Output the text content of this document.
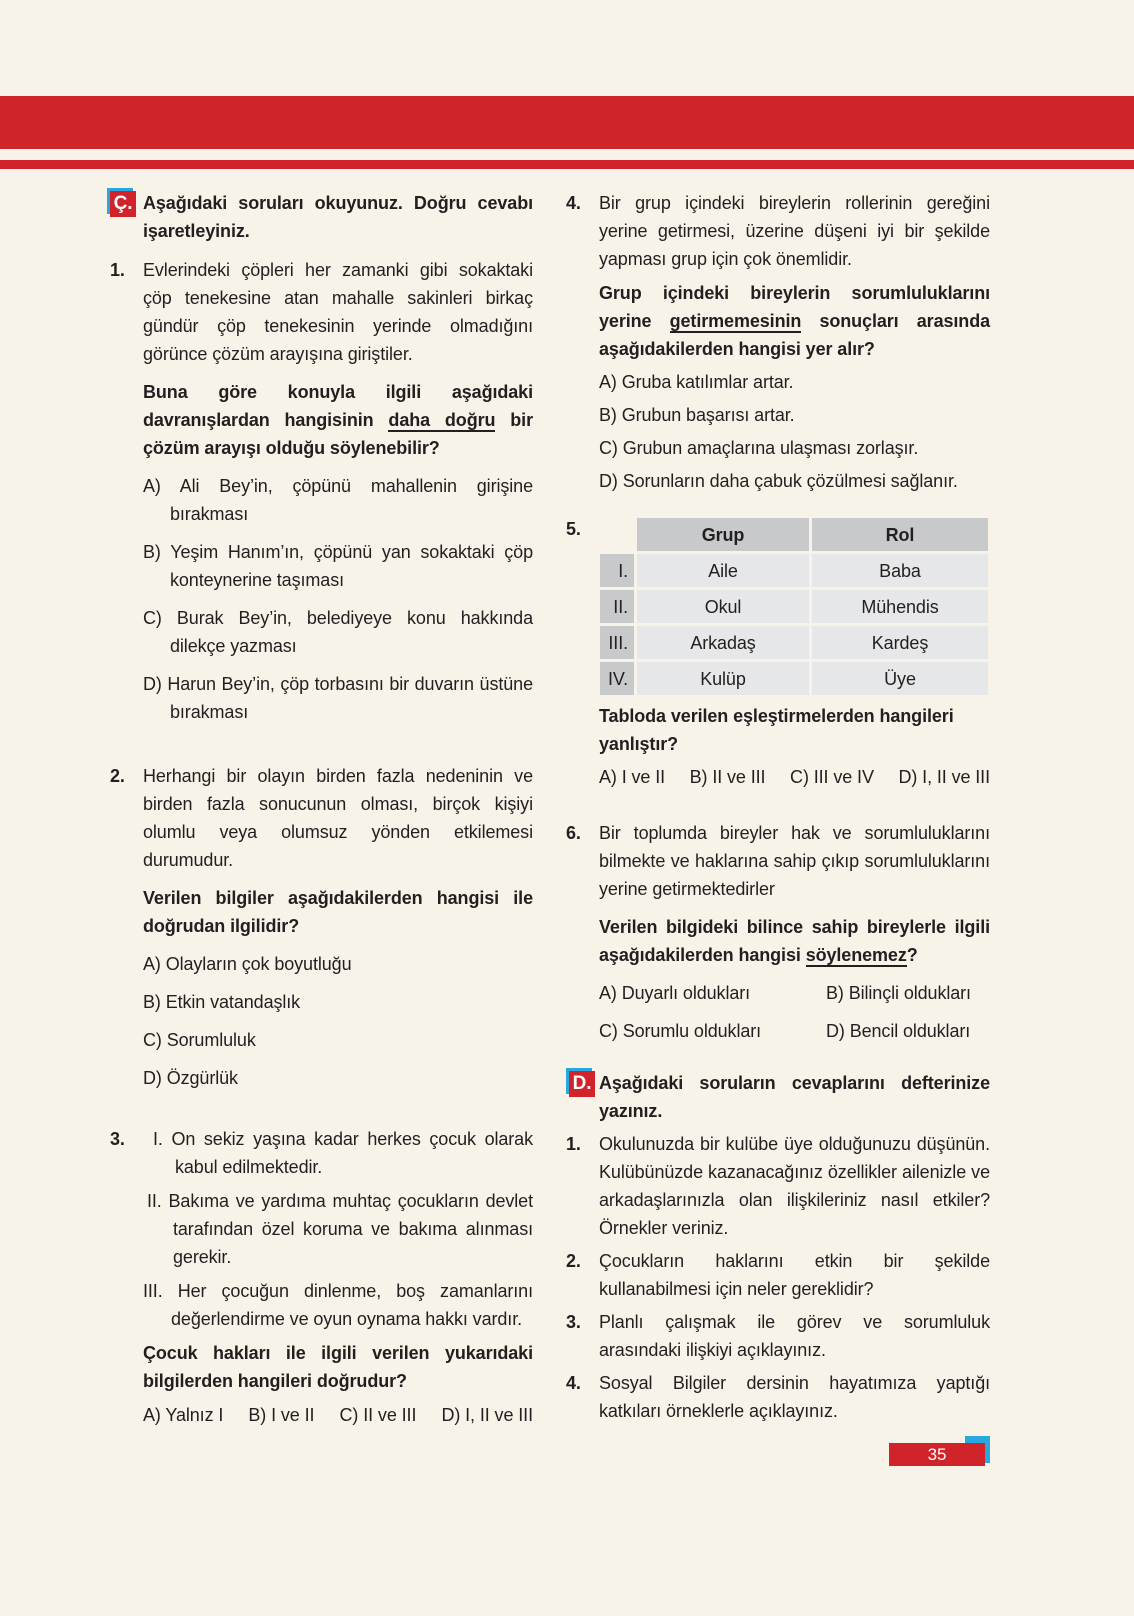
Ç. Aşağıdaki soruları okuyunuz. Doğru cevabı işaretleyiniz.
1. Evlerindeki çöpleri her zamanki gibi sokaktaki çöp tenekesine atan mahalle sakinleri birkaç gündür çöp tenekesinin yerinde olmadığını görünce çözüm arayışına giriştiler.
Buna göre konuyla ilgili aşağıdaki davranışlardan hangisinin daha doğru bir çözüm arayışı olduğu söylenebilir?
A) Ali Bey’in, çöpünü mahallenin girişine bırakması
B) Yeşim Hanım’ın, çöpünü yan sokaktaki çöp konteynerine taşıması
C) Burak Bey’in, belediyeye konu hakkında dilekçe yazması
D) Harun Bey’in, çöp torbasını bir duvarın üstüne bırakması
2. Herhangi bir olayın birden fazla nedeninin ve birden fazla sonucunun olması, birçok kişiyi olumlu veya olumsuz yönden etkilemesi durumudur.
Verilen bilgiler aşağıdakilerden hangisi ile doğrudan ilgilidir?
A) Olayların çok boyutluğu
B) Etkin vatandaşlık
C) Sorumluluk
D) Özgürlük
3.	I. On sekiz yaşına kadar herkes çocuk olarak kabul edilmektedir.
II. Bakıma ve yardıma muhtaç çocukların devlet tarafından özel koruma ve bakıma alınması gerekir.
III. Her çocuğun dinlenme, boş zamanlarını değerlendirme ve oyun oynama hakkı vardır.
Çocuk hakları ile ilgili verilen yukarıdaki bilgilerden hangileri doğrudur?
A) Yalnız I B) I ve II C) II ve III D) I, II ve III
4. Bir grup içindeki bireylerin rollerinin gereğini yerine getirmesi, üzerine düşeni iyi bir şekilde yapması grup için çok önemlidir.
Grup içindeki bireylerin sorumluluklarını yerine getirmemesinin sonuçları arasında aşağıdakilerden hangisi yer alır?
A) Gruba katılımlar artar.
B) Grubun başarısı artar.
C) Grubun amaçlarına ulaşması zorlaşır.
D) Sorunların daha çabuk çözülmesi sağlanır.
5.
		Grup	Rol
I.	Aile	Baba
II.	Okul	Mühendis
III.	Arkadaş	Kardeş
IV.	Kulüp	Üye
Tabloda verilen eşleştirmelerden hangileri yanlıştır?
A) I ve II B) II ve III C) III ve IV D) I, II ve III
6. Bir toplumda bireyler hak ve sorumluluklarını bilmekte ve haklarına sahip çıkıp sorumluluklarını yerine getirmektedirler
Verilen bilgideki bilince sahip bireylerle ilgili aşağıdakilerden hangisi söylenemez?
A) Duyarlı oldukları	B) Bilinçli oldukları
C) Sorumlu oldukları	D) Bencil oldukları
D. Aşağıdaki soruların cevaplarını defterinize yazınız.
1. Okulunuzda bir kulübe üye olduğunuzu düşünün. Kulübünüzde kazanacağınız özellikler ailenizle ve arkadaşlarınızla olan ilişkileriniz nasıl etkiler? Örnekler veriniz.
2. Çocukların haklarını etkin bir şekilde kullanabilmesi için neler gereklidir?
3. Planlı çalışmak ile görev ve sorumluluk arasındaki ilişkiyi açıklayınız.
4. Sosyal Bilgiler dersinin hayatımıza yaptığı katkıları örneklerle açıklayınız.
35
